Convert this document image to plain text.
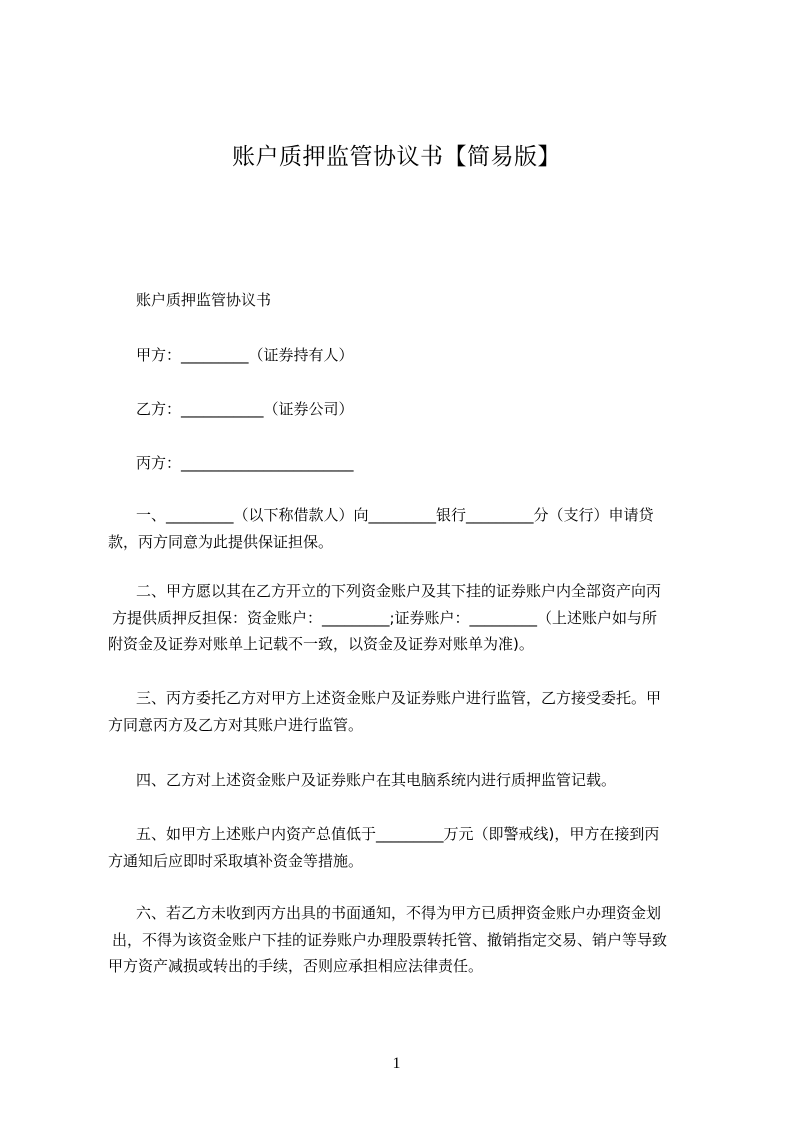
账户质押监管协议书【简易版】
账户质押监管协议书
甲方：_________（证券持有人）
乙方：___________（证券公司）
丙方：_______________________

一、_________（以下称借款人）向_________银行_________分（支行）申请贷

款，丙方同意为此提供保证担保。

二、甲方愿以其在乙方开立的下列资金账户及其下挂的证券账户内全部资产向丙

方提供质押反担保：资金账户：_________;证券账户：_________（上述账户如与所

附资金及证券对账单上记载不一致，以资金及证券对账单为准)。

三、丙方委托乙方对甲方上述资金账户及证券账户进行监管，乙方接受委托。甲

方同意丙方及乙方对其账户进行监管。

四、乙方对上述资金账户及证券账户在其电脑系统内进行质押监管记载。

五、如甲方上述账户内资产总值低于_________万元（即警戒线)，甲方在接到丙

方通知后应即时采取填补资金等措施。

六、若乙方未收到丙方出具的书面通知，不得为甲方已质押资金账户办理资金划

出，不得为该资金账户下挂的证券账户办理股票转托管、撤销指定交易、销户等导致

甲方资产减损或转出的手续，否则应承担相应法律责任。

1
